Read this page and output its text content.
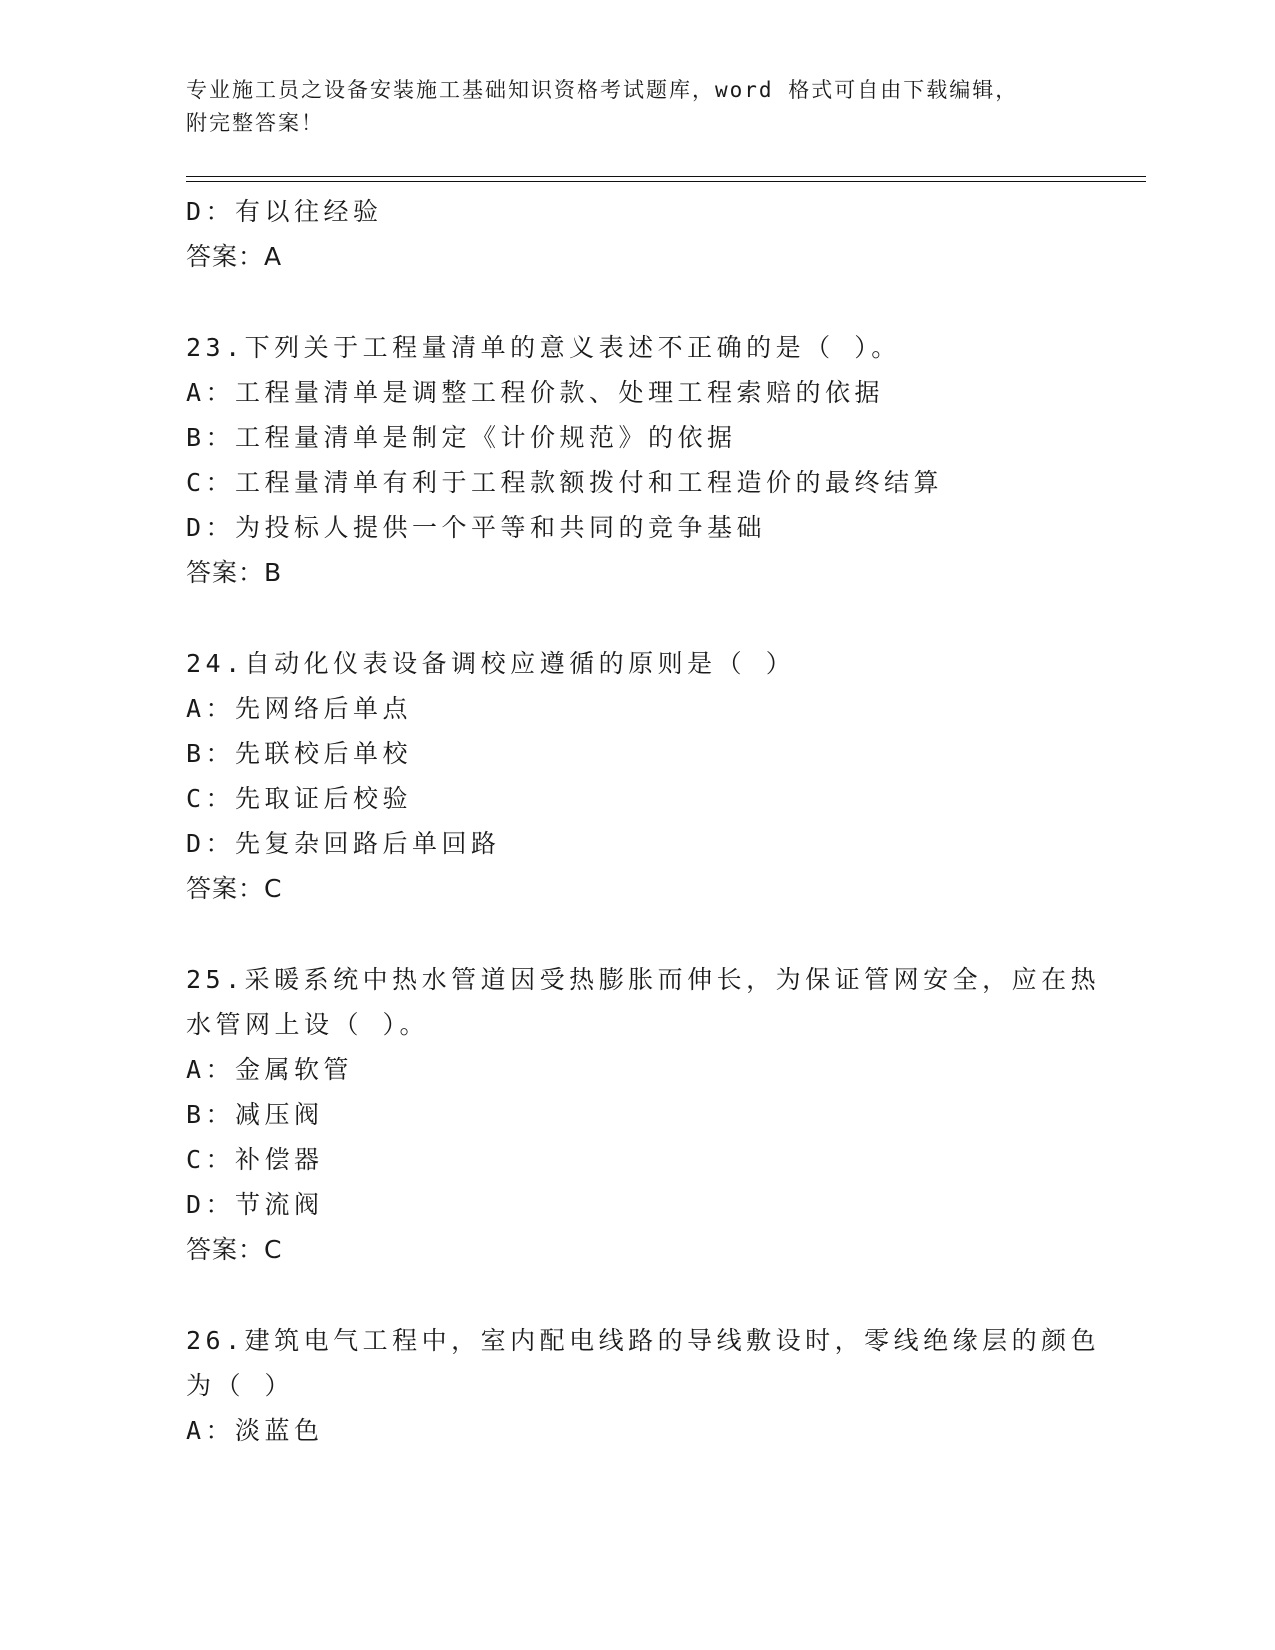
专业施工员之设备安装施工基础知识资格考试题库，word 格式可自由下载编辑，
附完整答案！
D：有以往经验
答案：A
23.下列关于工程量清单的意义表述不正确的是（ ）。
A：工程量清单是调整工程价款、处理工程索赔的依据
B：工程量清单是制定《计价规范》的依据
C：工程量清单有利于工程款额拨付和工程造价的最终结算
D：为投标人提供一个平等和共同的竞争基础
答案：B
24.自动化仪表设备调校应遵循的原则是（ ）
A：先网络后单点
B：先联校后单校
C：先取证后校验
D：先复杂回路后单回路
答案：C
25.采暖系统中热水管道因受热膨胀而伸长，为保证管网安全，应在热
水管网上设（ ）。
A：金属软管
B：减压阀
C：补偿器
D：节流阀
答案：C
26.建筑电气工程中，室内配电线路的导线敷设时，零线绝缘层的颜色
为（ ）
A：淡蓝色
